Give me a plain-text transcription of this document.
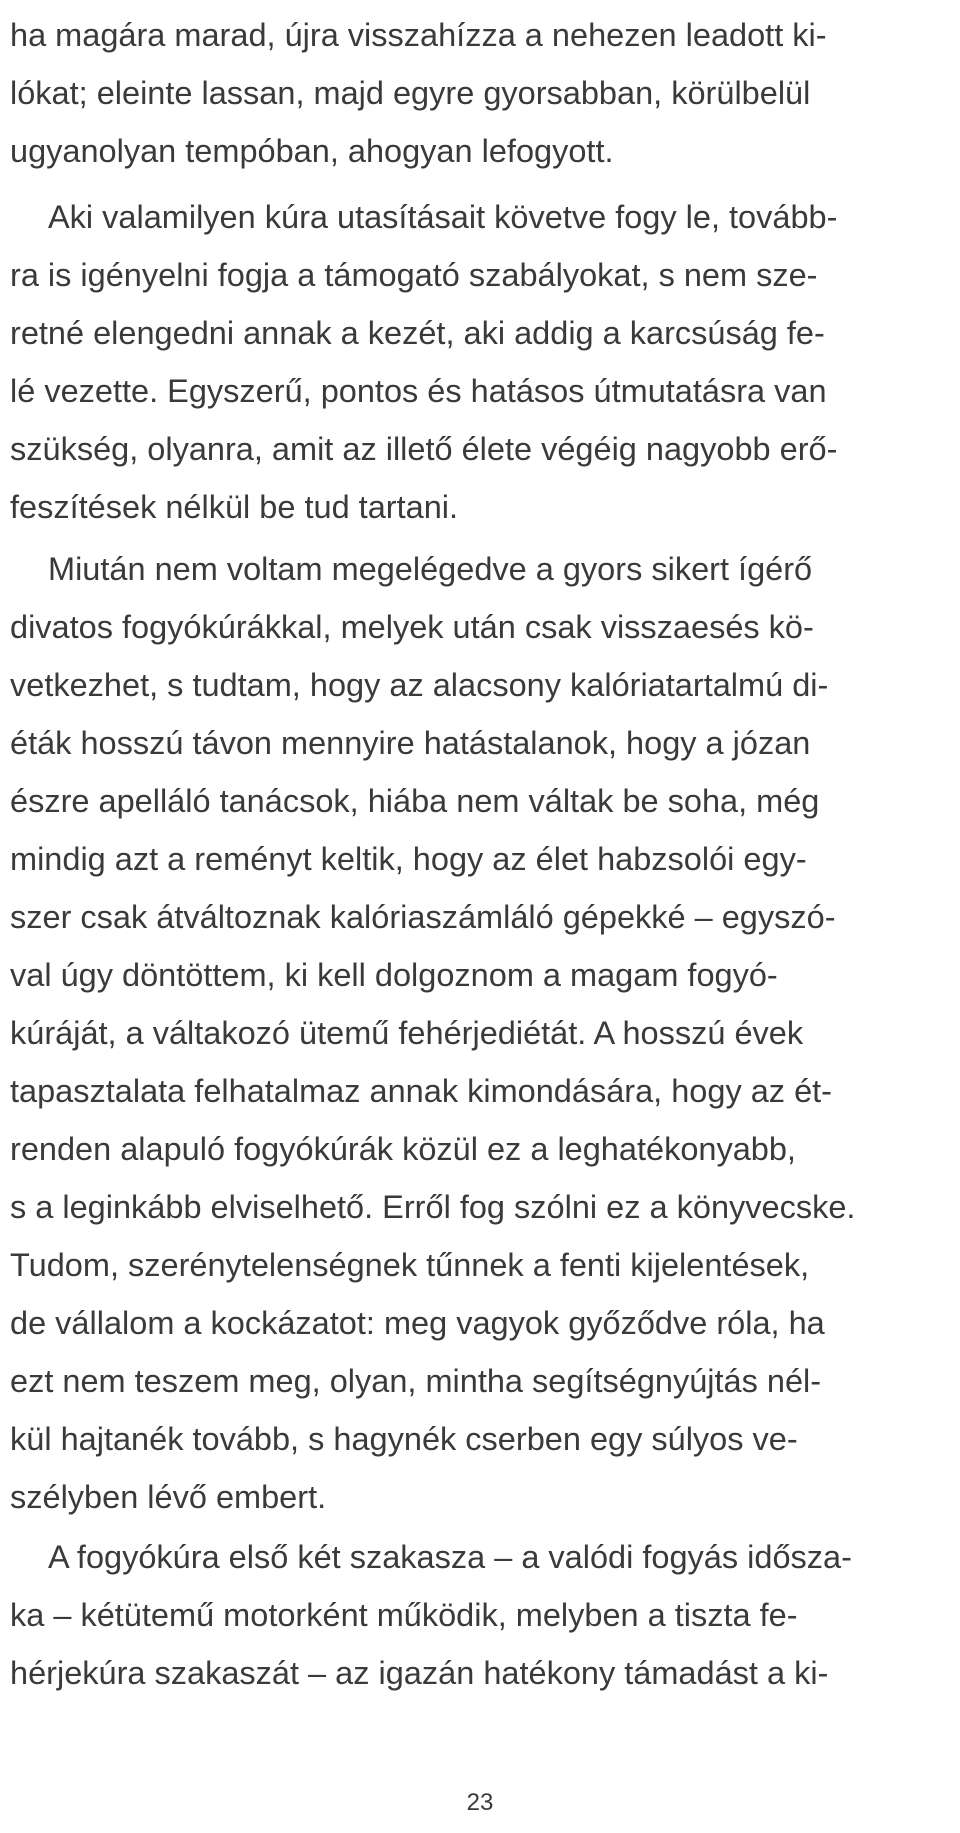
ha magára marad, újra visszahízza a nehezen leadott ki-
lókat; eleinte lassan, majd egyre gyorsabban, körülbelül
ugyanolyan tempóban, ahogyan lefogyott.
Aki valamilyen kúra utasításait követve fogy le, tovább-
ra is igényelni fogja a támogató szabályokat, s nem sze-
retné elengedni annak a kezét, aki addig a karcsúság fe-
lé vezette. Egyszerű, pontos és hatásos útmutatásra van
szükség, olyanra, amit az illető élete végéig nagyobb erő-
feszítések nélkül be tud tartani.
Miután nem voltam megelégedve a gyors sikert ígérő
divatos fogyókúrákkal, melyek után csak visszaesés kö-
vetkezhet, s tudtam, hogy az alacsony kalóriatartalmú di-
éták hosszú távon mennyire hatástalanok, hogy a józan
észre apelláló tanácsok, hiába nem váltak be soha, még
mindig azt a reményt keltik, hogy az élet habzsolói egy-
szer csak átváltoznak kalóriaszámláló gépekké – egyszó-
val úgy döntöttem, ki kell dolgoznom a magam fogyó-
kúráját, a váltakozó ütemű fehérjediétát. A hosszú évek
tapasztalata felhatalmaz annak kimondására, hogy az ét-
renden alapuló fogyókúrák közül ez a leghatékonyabb,
s a leginkább elviselhető. Erről fog szólni ez a könyvecske.
Tudom, szerénytelenségnek tűnnek a fenti kijelentések,
de vállalom a kockázatot: meg vagyok győződve róla, ha
ezt nem teszem meg, olyan, mintha segítségnyújtás nél-
kül hajtanék tovább, s hagynék cserben egy súlyos ve-
szélyben lévő embert.
A fogyókúra első két szakasza – a valódi fogyás idősza-
ka – kétütemű motorként működik, melyben a tiszta fe-
hérjekúra szakaszát – az igazán hatékony támadást a ki-
23
